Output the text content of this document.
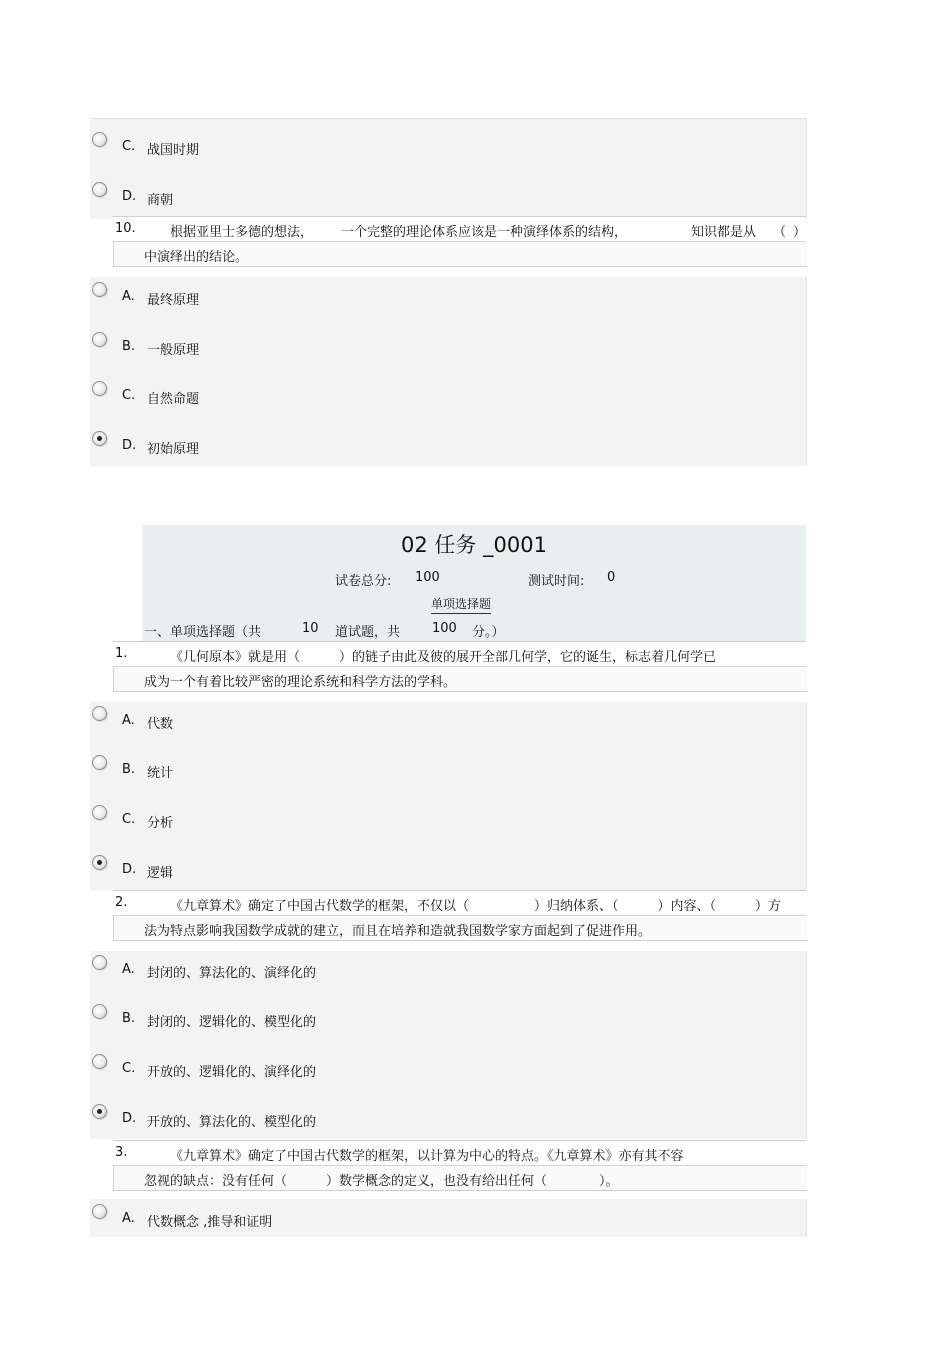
C. 战国时期
D. 商朝
10.	根据亚里士多德的想法， 一个完整的理论体系应该是一种演绎体系的结构，	知识都是从 （ ）
中演绎出的结论。
A. 最终原理
B. 一般原理
C. 自然命题
D. 初始原理
02 任务 _0001
试卷总分: 100	测试时间: 0
单项选择题
一、单项选择题（共	10 道试题，共 100 分。）
1.	《几何原本》就是用（　　　）的链子由此及彼的展开全部几何学，它的诞生，标志着几何学已
成为一个有着比较严密的理论系统和科学方法的学科。
A. 代数
B. 统计
C. 分析
D. 逻辑
2.	《九章算术》确定了中国古代数学的框架，不仅以（　　　　　）归纳体系、（　　　）内容、（　　　）方
法为特点影响我国数学成就的建立，而且在培养和造就我国数学家方面起到了促进作用。
A. 封闭的、算法化的、演绎化的
B. 封闭的、逻辑化的、模型化的
C. 开放的、逻辑化的、演绎化的
D. 开放的、算法化的、模型化的
3.	《九章算术》确定了中国古代数学的框架，以计算为中心的特点。《九章算术》亦有其不容
忽视的缺点：没有任何（　　　）数学概念的定义，也没有给出任何（　　　　）。
A. 代数概念 ,推导和证明
